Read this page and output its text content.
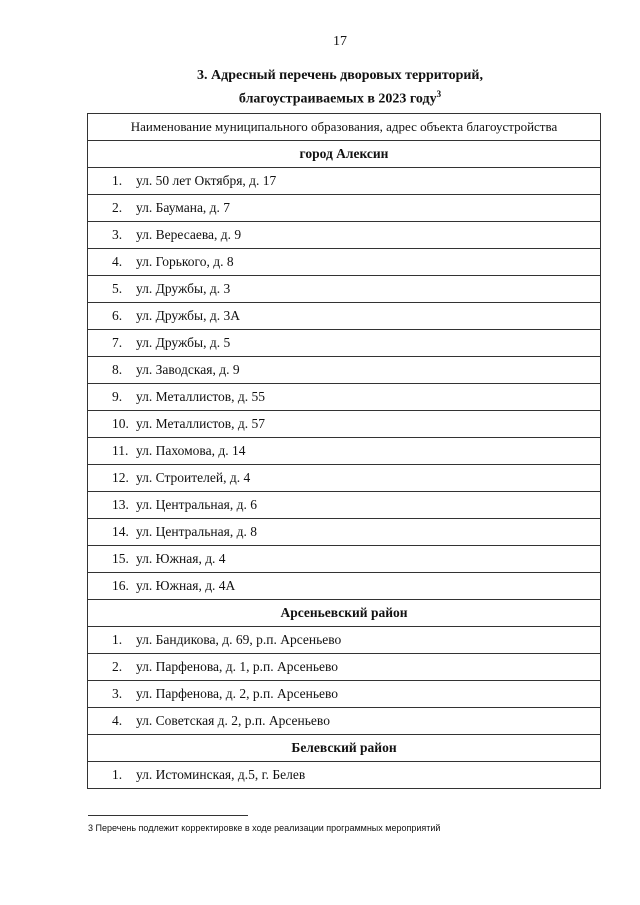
17
3. Адресный перечень дворовых территорий,
благоустраиваемых в 2023 году$^3$
Наименование муниципального образования, адрес объекта благоустройства
город Алексин
1. ул. 50 лет Октября, д. 17
2. ул. Баумана, д. 7
3. ул. Вересаева, д. 9
4. ул. Горького, д. 8
5. ул. Дружбы, д. 3
6. ул. Дружбы, д. 3А
7. ул. Дружбы, д. 5
8. ул. Заводская, д. 9
9. ул. Металлистов, д. 55
10. ул. Металлистов, д. 57
11. ул. Пахомова, д. 14
12. ул. Строителей, д. 4
13. ул. Центральная, д. 6
14. ул. Центральная, д. 8
15. ул. Южная, д. 4
16. ул. Южная, д. 4А
Арсеньевский район
1. ул. Бандикова, д. 69, р.п. Арсеньево
2. ул. Парфенова, д. 1, р.п. Арсеньево
3. ул. Парфенова, д. 2, р.п. Арсеньево
4. ул. Советская д. 2, р.п. Арсеньево
Белевский район
1. ул. Истоминская, д.5, г. Белев
3 Перечень подлежит корректировке в ходе реализации программных мероприятий
